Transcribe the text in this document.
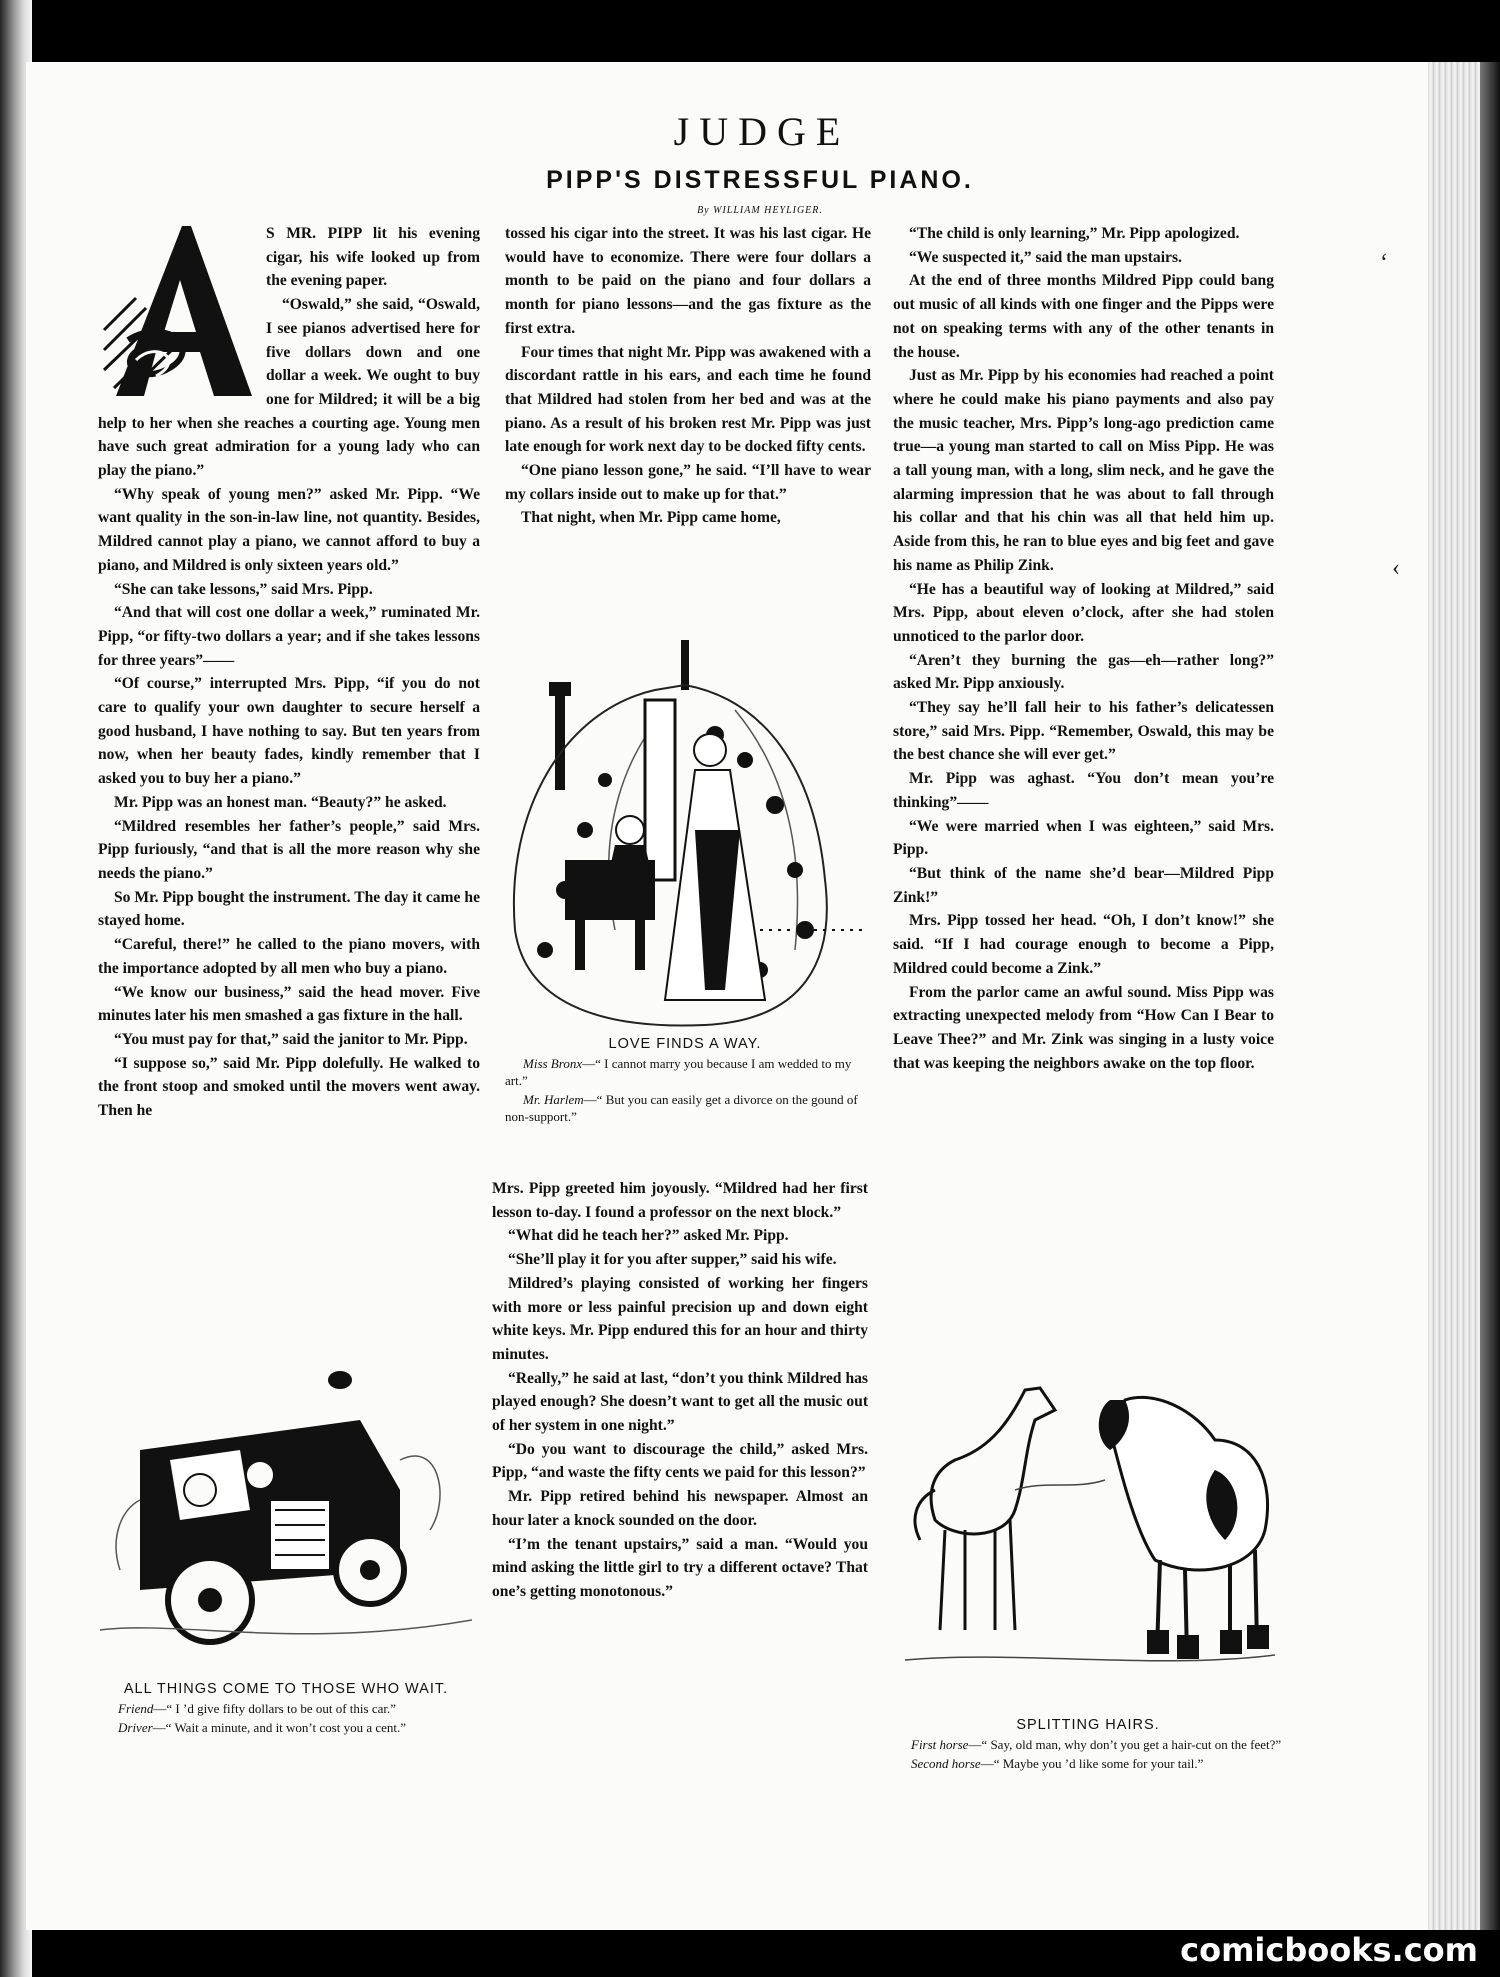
JUDGE
PIPP'S DISTRESSFUL PIANO.
By WILLIAM HEYLIGER.

S MR. PIPP lit his evening cigar, his wife looked up from the evening paper.

“Oswald,” she said, “Oswald, I see pianos advertised here for five dollars down and one dollar a week. We ought to buy one for Mildred; it will be a big help to her when she reaches a courting age. Young men have such great admiration for a young lady who can play the piano.”

“Why speak of young men?” asked Mr. Pipp. “We want quality in the son-in-law line, not quantity. Besides, Mildred cannot play a piano, we cannot afford to buy a piano, and Mildred is only sixteen years old.”

“She can take lessons,” said Mrs. Pipp.

“And that will cost one dollar a week,” ruminated Mr. Pipp, “or fifty-two dollars a year; and if she takes lessons for three years”——

“Of course,” interrupted Mrs. Pipp, “if you do not care to qualify your own daughter to secure herself a good husband, I have nothing to say. But ten years from now, when her beauty fades, kindly remember that I asked you to buy her a piano.”

Mr. Pipp was an honest man. “Beauty?” he asked.

“Mildred resembles her father’s people,” said Mrs. Pipp furiously, “and that is all the more reason why she needs the piano.”

So Mr. Pipp bought the instrument. The day it came he stayed home.

“Careful, there!” he called to the piano movers, with the importance adopted by all men who buy a piano.

“We know our business,” said the head mover. Five minutes later his men smashed a gas fixture in the hall.

“You must pay for that,” said the janitor to Mr. Pipp.

“I suppose so,” said Mr. Pipp dolefully. He walked to the front stoop and smoked until the movers went away. Then he

tossed his cigar into the street. It was his last cigar. He would have to economize. There were four dollars a month to be paid on the piano and four dollars a month for piano lessons—and the gas fixture as the first extra.

Four times that night Mr. Pipp was awakened with a discordant rattle in his ears, and each time he found that Mildred had stolen from her bed and was at the piano. As a result of his broken rest Mr. Pipp was just late enough for work next day to be docked fifty cents.

“One piano lesson gone,” he said. “I’ll have to wear my collars inside out to make up for that.”

That night, when Mr. Pipp came home,

Mrs. Pipp greeted him joyously. “Mildred had her first lesson to-day. I found a professor on the next block.”

“What did he teach her?” asked Mr. Pipp.

“She’ll play it for you after supper,” said his wife.

Mildred’s playing consisted of working her fingers with more or less painful precision up and down eight white keys. Mr. Pipp endured this for an hour and thirty minutes.

“Really,” he said at last, “don’t you think Mildred has played enough? She doesn’t want to get all the music out of her system in one night.”

“Do you want to discourage the child,” asked Mrs. Pipp, “and waste the fifty cents we paid for this lesson?”

Mr. Pipp retired behind his newspaper. Almost an hour later a knock sounded on the door.

“I’m the tenant upstairs,” said a man. “Would you mind asking the little girl to try a different octave? That one’s getting monotonous.”

“The child is only learning,” Mr. Pipp apologized.

“We suspected it,” said the man upstairs.

At the end of three months Mildred Pipp could bang out music of all kinds with one finger and the Pipps were not on speaking terms with any of the other tenants in the house.

Just as Mr. Pipp by his economies had reached a point where he could make his piano payments and also pay the music teacher, Mrs. Pipp’s long-ago prediction came true—a young man started to call on Miss Pipp. He was a tall young man, with a long, slim neck, and he gave the alarming impression that he was about to fall through his collar and that his chin was all that held him up. Aside from this, he ran to blue eyes and big feet and gave his name as Philip Zink.

“He has a beautiful way of looking at Mildred,” said Mrs. Pipp, about eleven o’clock, after she had stolen unnoticed to the parlor door.

“Aren’t they burning the gas—eh—rather long?” asked Mr. Pipp anxiously.

“They say he’ll fall heir to his father’s delicatessen store,” said Mrs. Pipp. “Remember, Oswald, this may be the best chance she will ever get.”

Mr. Pipp was aghast. “You don’t mean you’re thinking”——

“We were married when I was eighteen,” said Mrs. Pipp.

“But think of the name she’d bear—Mildred Pipp Zink!”

Mrs. Pipp tossed her head. “Oh, I don’t know!” she said. “If I had courage enough to become a Pipp, Mildred could become a Zink.”

From the parlor came an awful sound. Miss Pipp was extracting unexpected melody from “How Can I Bear to Leave Thee?” and Mr. Zink was singing in a lusty voice that was keeping the neighbors awake on the top floor.

LOVE FINDS A WAY.

Miss Bronx—“ I cannot marry you because I am wedded to my art.”

Mr. Harlem—“ But you can easily get a divorce on the gound of non-support.”

ALL THINGS COME TO THOSE WHO WAIT.

Friend—“ I ’d give fifty dollars to be out of this car.”

Driver—“ Wait a minute, and it won’t cost you a cent.”	SPLITTING HAIRS.

First horse—“ Say, old man, why don’t you get a hair-cut on the feet?”

Second horse—“ Maybe you ’d like some for your tail.”

‘
‹
comicbooks.com
